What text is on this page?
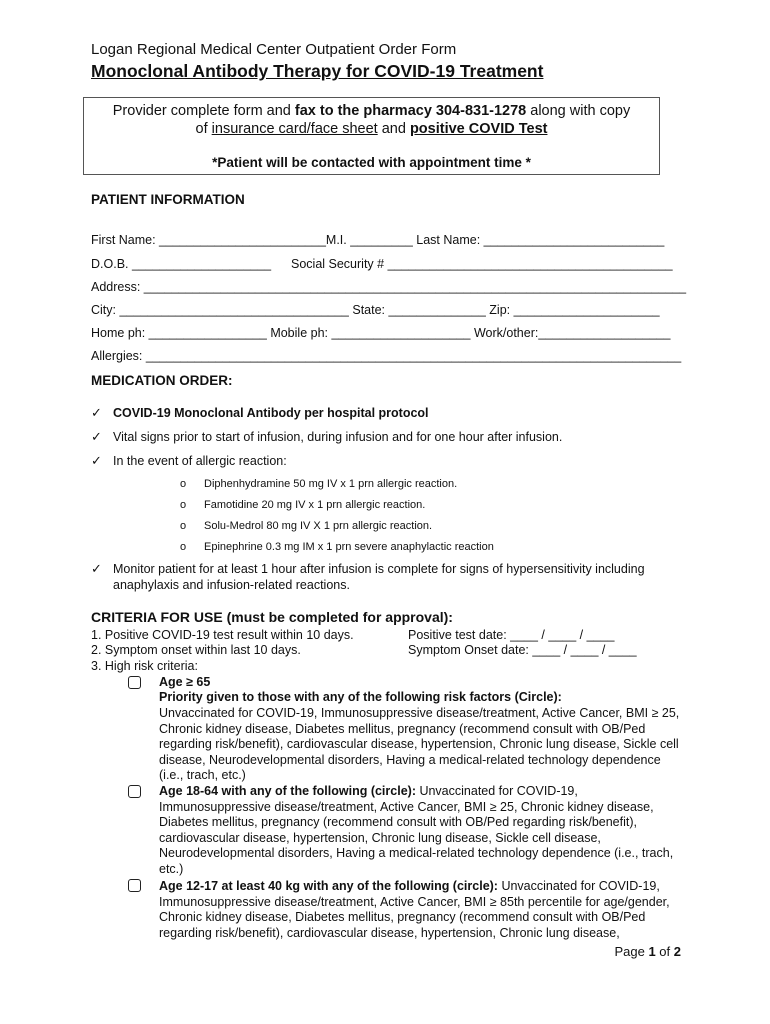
Logan Regional Medical Center Outpatient Order Form
Monoclonal Antibody Therapy for COVID-19 Treatment
Provider complete form and fax to the pharmacy 304-831-1278 along with copy
of insurance card/face sheet and positive COVID Test
*Patient will be contacted with appointment time *
PATIENT INFORMATION
First Name: ________________________M.I. _________ Last Name: __________________________
D.O.B. ____________________ Social Security # _________________________________________
Address: ______________________________________________________________________________
City: _________________________________ State: ______________ Zip: _____________________
Home ph: _________________ Mobile ph: ____________________ Work/other:___________________
Allergies: _____________________________________________________________________________
MEDICATION ORDER:
✓ COVID-19 Monoclonal Antibody per hospital protocol
✓ Vital signs prior to start of infusion, during infusion and for one hour after infusion.
✓ In the event of allergic reaction:
o Diphenhydramine 50 mg IV x 1 prn allergic reaction.
o Famotidine 20 mg IV x 1 prn allergic reaction.
o Solu-Medrol 80 mg IV X 1 prn allergic reaction.
o Epinephrine 0.3 mg IM x 1 prn severe anaphylactic reaction
✓ Monitor patient for at least 1 hour after infusion is complete for signs of hypersensitivity including
anaphylaxis and infusion-related reactions.
CRITERIA FOR USE (must be completed for approval):
1. Positive COVID-19 test result within 10 days.	Positive test date: ____ / ____ / ____
2. Symptom onset within last 10 days.	Symptom Onset date: ____ / ____ / ____
3. High risk criteria:
Age ≥ 65
Priority given to those with any of the following risk factors (Circle):
Unvaccinated for COVID-19, Immunosuppressive disease/treatment, Active Cancer, BMI ≥ 25, Chronic kidney disease, Diabetes mellitus, pregnancy (recommend consult with OB/Ped regarding risk/benefit), cardiovascular disease, hypertension, Chronic lung disease, Sickle cell disease, Neurodevelopmental disorders, Having a medical-related technology dependence (i.e., trach, etc.)
Age 18-64 with any of the following (circle): Unvaccinated for COVID-19, Immunosuppressive disease/treatment, Active Cancer, BMI ≥ 25, Chronic kidney disease, Diabetes mellitus, pregnancy (recommend consult with OB/Ped regarding risk/benefit), cardiovascular disease, hypertension, Chronic lung disease, Sickle cell disease, Neurodevelopmental disorders, Having a medical-related technology dependence (i.e., trach, etc.)
Age 12-17 at least 40 kg with any of the following (circle): Unvaccinated for COVID-19, Immunosuppressive disease/treatment, Active Cancer, BMI ≥ 85th percentile for age/gender, Chronic kidney disease, Diabetes mellitus, pregnancy (recommend consult with OB/Ped regarding risk/benefit), cardiovascular disease, hypertension, Chronic lung disease,
Page 1 of 2
